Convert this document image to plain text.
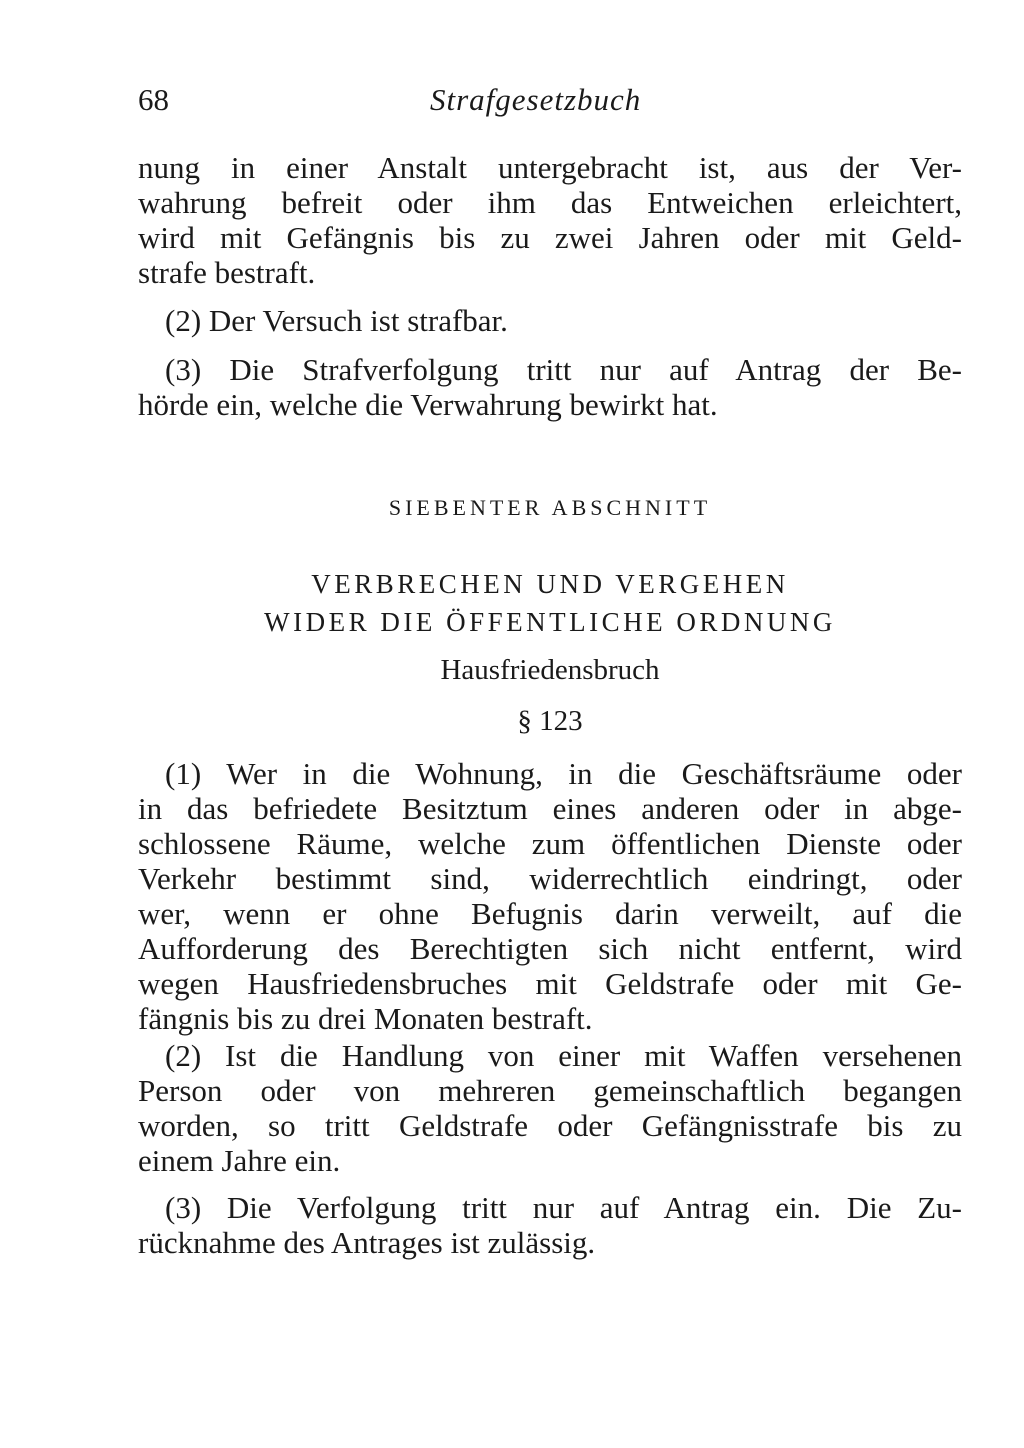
68	Strafgesetzbuch
nung in einer Anstalt untergebracht ist, aus der Ver-
wahrung befreit oder ihm das Entweichen erleichtert,
wird mit Gefängnis bis zu zwei Jahren oder mit Geld-
strafe bestraft.
(2) Der Versuch ist strafbar.
(3) Die Strafverfolgung tritt nur auf Antrag der Be-
hörde ein, welche die Verwahrung bewirkt hat.
SIEBENTER ABSCHNITT
VERBRECHEN UND VERGEHEN
WIDER DIE ÖFFENTLICHE ORDNUNG
Hausfriedensbruch
§ 123
(1) Wer in die Wohnung, in die Geschäftsräume oder
in das befriedete Besitztum eines anderen oder in abge-
schlossene Räume, welche zum öffentlichen Dienste oder
Verkehr bestimmt sind, widerrechtlich eindringt, oder
wer, wenn er ohne Befugnis darin verweilt, auf die
Aufforderung des Berechtigten sich nicht entfernt, wird
wegen Hausfriedensbruches mit Geldstrafe oder mit Ge-
fängnis bis zu drei Monaten bestraft.
(2) Ist die Handlung von einer mit Waffen versehenen
Person oder von mehreren gemeinschaftlich begangen
worden, so tritt Geldstrafe oder Gefängnisstrafe bis zu
einem Jahre ein.
(3) Die Verfolgung tritt nur auf Antrag ein. Die Zu-
rücknahme des Antrages ist zulässig.
